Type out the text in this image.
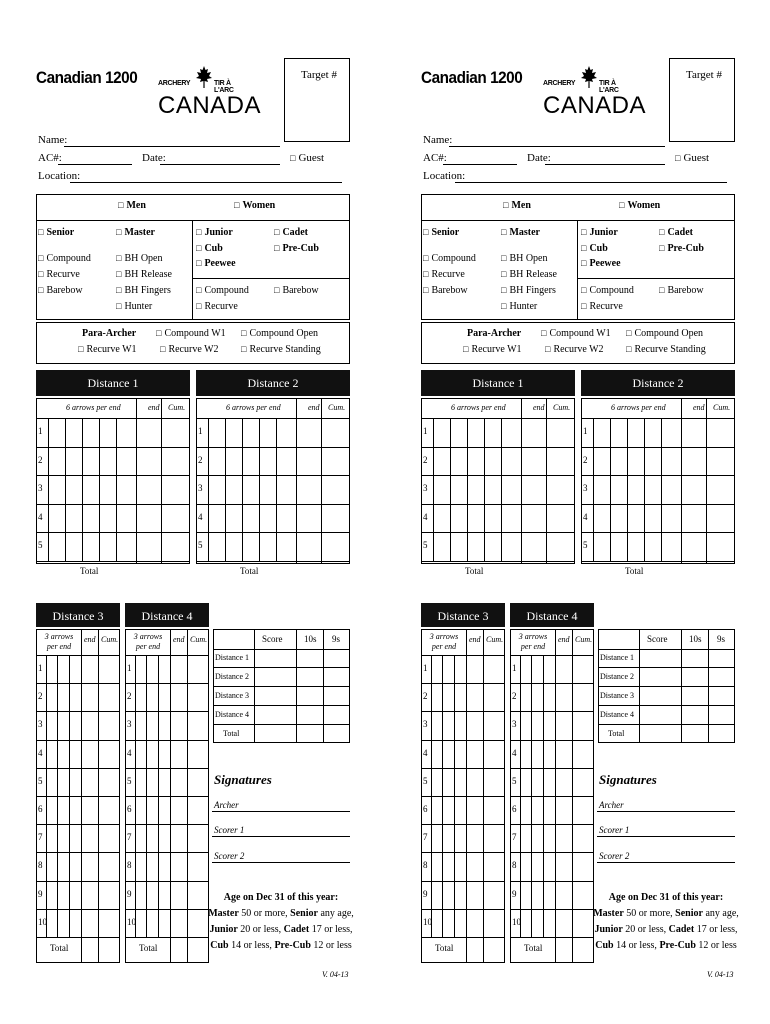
Canadian 1200	ARCHERY	TIR À L'ARC
CANADA
Target #
Name:
AC#:	Date:	□ Guest
Location:
□ Men	□ Women
□ Senior	□ Master
□ Compound
□ Recurve
□ Barebow
□ BH Open
□ BH Release
□ BH Fingers
□ Hunter
□ Junior	□ Cadet
□ Cub	□ Pre-Cub
□ Peewee
□ Compound
□ Recurve
□ Barebow
Para-Archer	□ Compound W1	□ Compound Open
□ Recurve W1	□ Recurve W2	□ Recurve Standing
Distance 1
6 arrows per end	end Cum.
1
2
3
4
5
Total
Distance 2
6 arrows per end	end Cum.
1
2
3
4
5
Total
Distance 3
3 arrows per end
end Cum.
1
2
3
4
5
6
7
8
9
10
Total
Distance 4
3 arrows per end
end Cum.
1
2
3
4
5
6
7
8
9
10
Total
Score 10s 9s
Distance 1
Distance 2
Distance 3
Distance 4
Total
Signatures
Archer
Scorer 1
Scorer 2
Age on Dec 31 of this year:
Master 50 or more, Senior any age,
Junior 20 or less, Cadet 17 or less,
Cub 14 or less, Pre-Cub 12 or less
V. 04-13
Canadian 1200	ARCHERY	TIR À L'ARC
CANADA
Target #
Name:
AC#:	Date:	□ Guest
Location:
□ Men	□ Women
□ Senior	□ Master
□ Compound
□ Recurve
□ Barebow
□ BH Open
□ BH Release
□ BH Fingers
□ Hunter
□ Junior	□ Cadet
□ Cub	□ Pre-Cub
□ Peewee
□ Compound
□ Recurve
□ Barebow
Para-Archer	□ Compound W1	□ Compound Open
□ Recurve W1	□ Recurve W2	□ Recurve Standing
Distance 1
6 arrows per end	end Cum.
1
2
3
4
5
Total
Distance 2
6 arrows per end	end Cum.
1
2
3
4
5
Total
Distance 3
3 arrows per end
end Cum.
1
2
3
4
5
6
7
8
9
10
Total
Distance 4
3 arrows per end
end Cum.
1
2
3
4
5
6
7
8
9
10
Total
Score 10s 9s
Distance 1
Distance 2
Distance 3
Distance 4
Total
Signatures
Archer
Scorer 1
Scorer 2
Age on Dec 31 of this year:
Master 50 or more, Senior any age,
Junior 20 or less, Cadet 17 or less,
Cub 14 or less, Pre-Cub 12 or less
V. 04-13
